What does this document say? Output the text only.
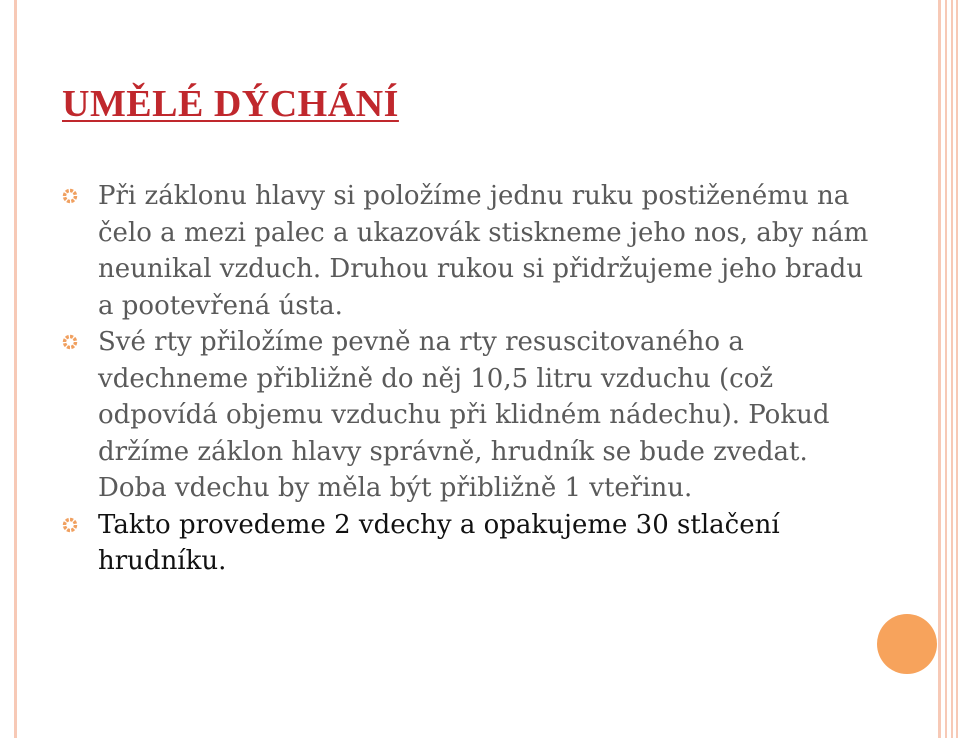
UMĚLÉ DÝCHÁNÍ
Při záklonu hlavy si položíme jednu ruku postiženému na čelo a mezi palec a ukazovák stiskneme jeho nos, aby nám neunikal vzduch. Druhou rukou si přidržujeme jeho bradu a pootevřená ústa.
Své rty přiložíme pevně na rty resuscitovaného a vdechneme přibližně do něj 10,5 litru vzduchu (což odpovídá objemu vzduchu při klidném nádechu). Pokud držíme záklon hlavy správně, hrudník se bude zvedat. Doba vdechu by měla být přibližně 1 vteřinu.
Takto provedeme 2 vdechy a opakujeme 30 stlačení hrudníku.
